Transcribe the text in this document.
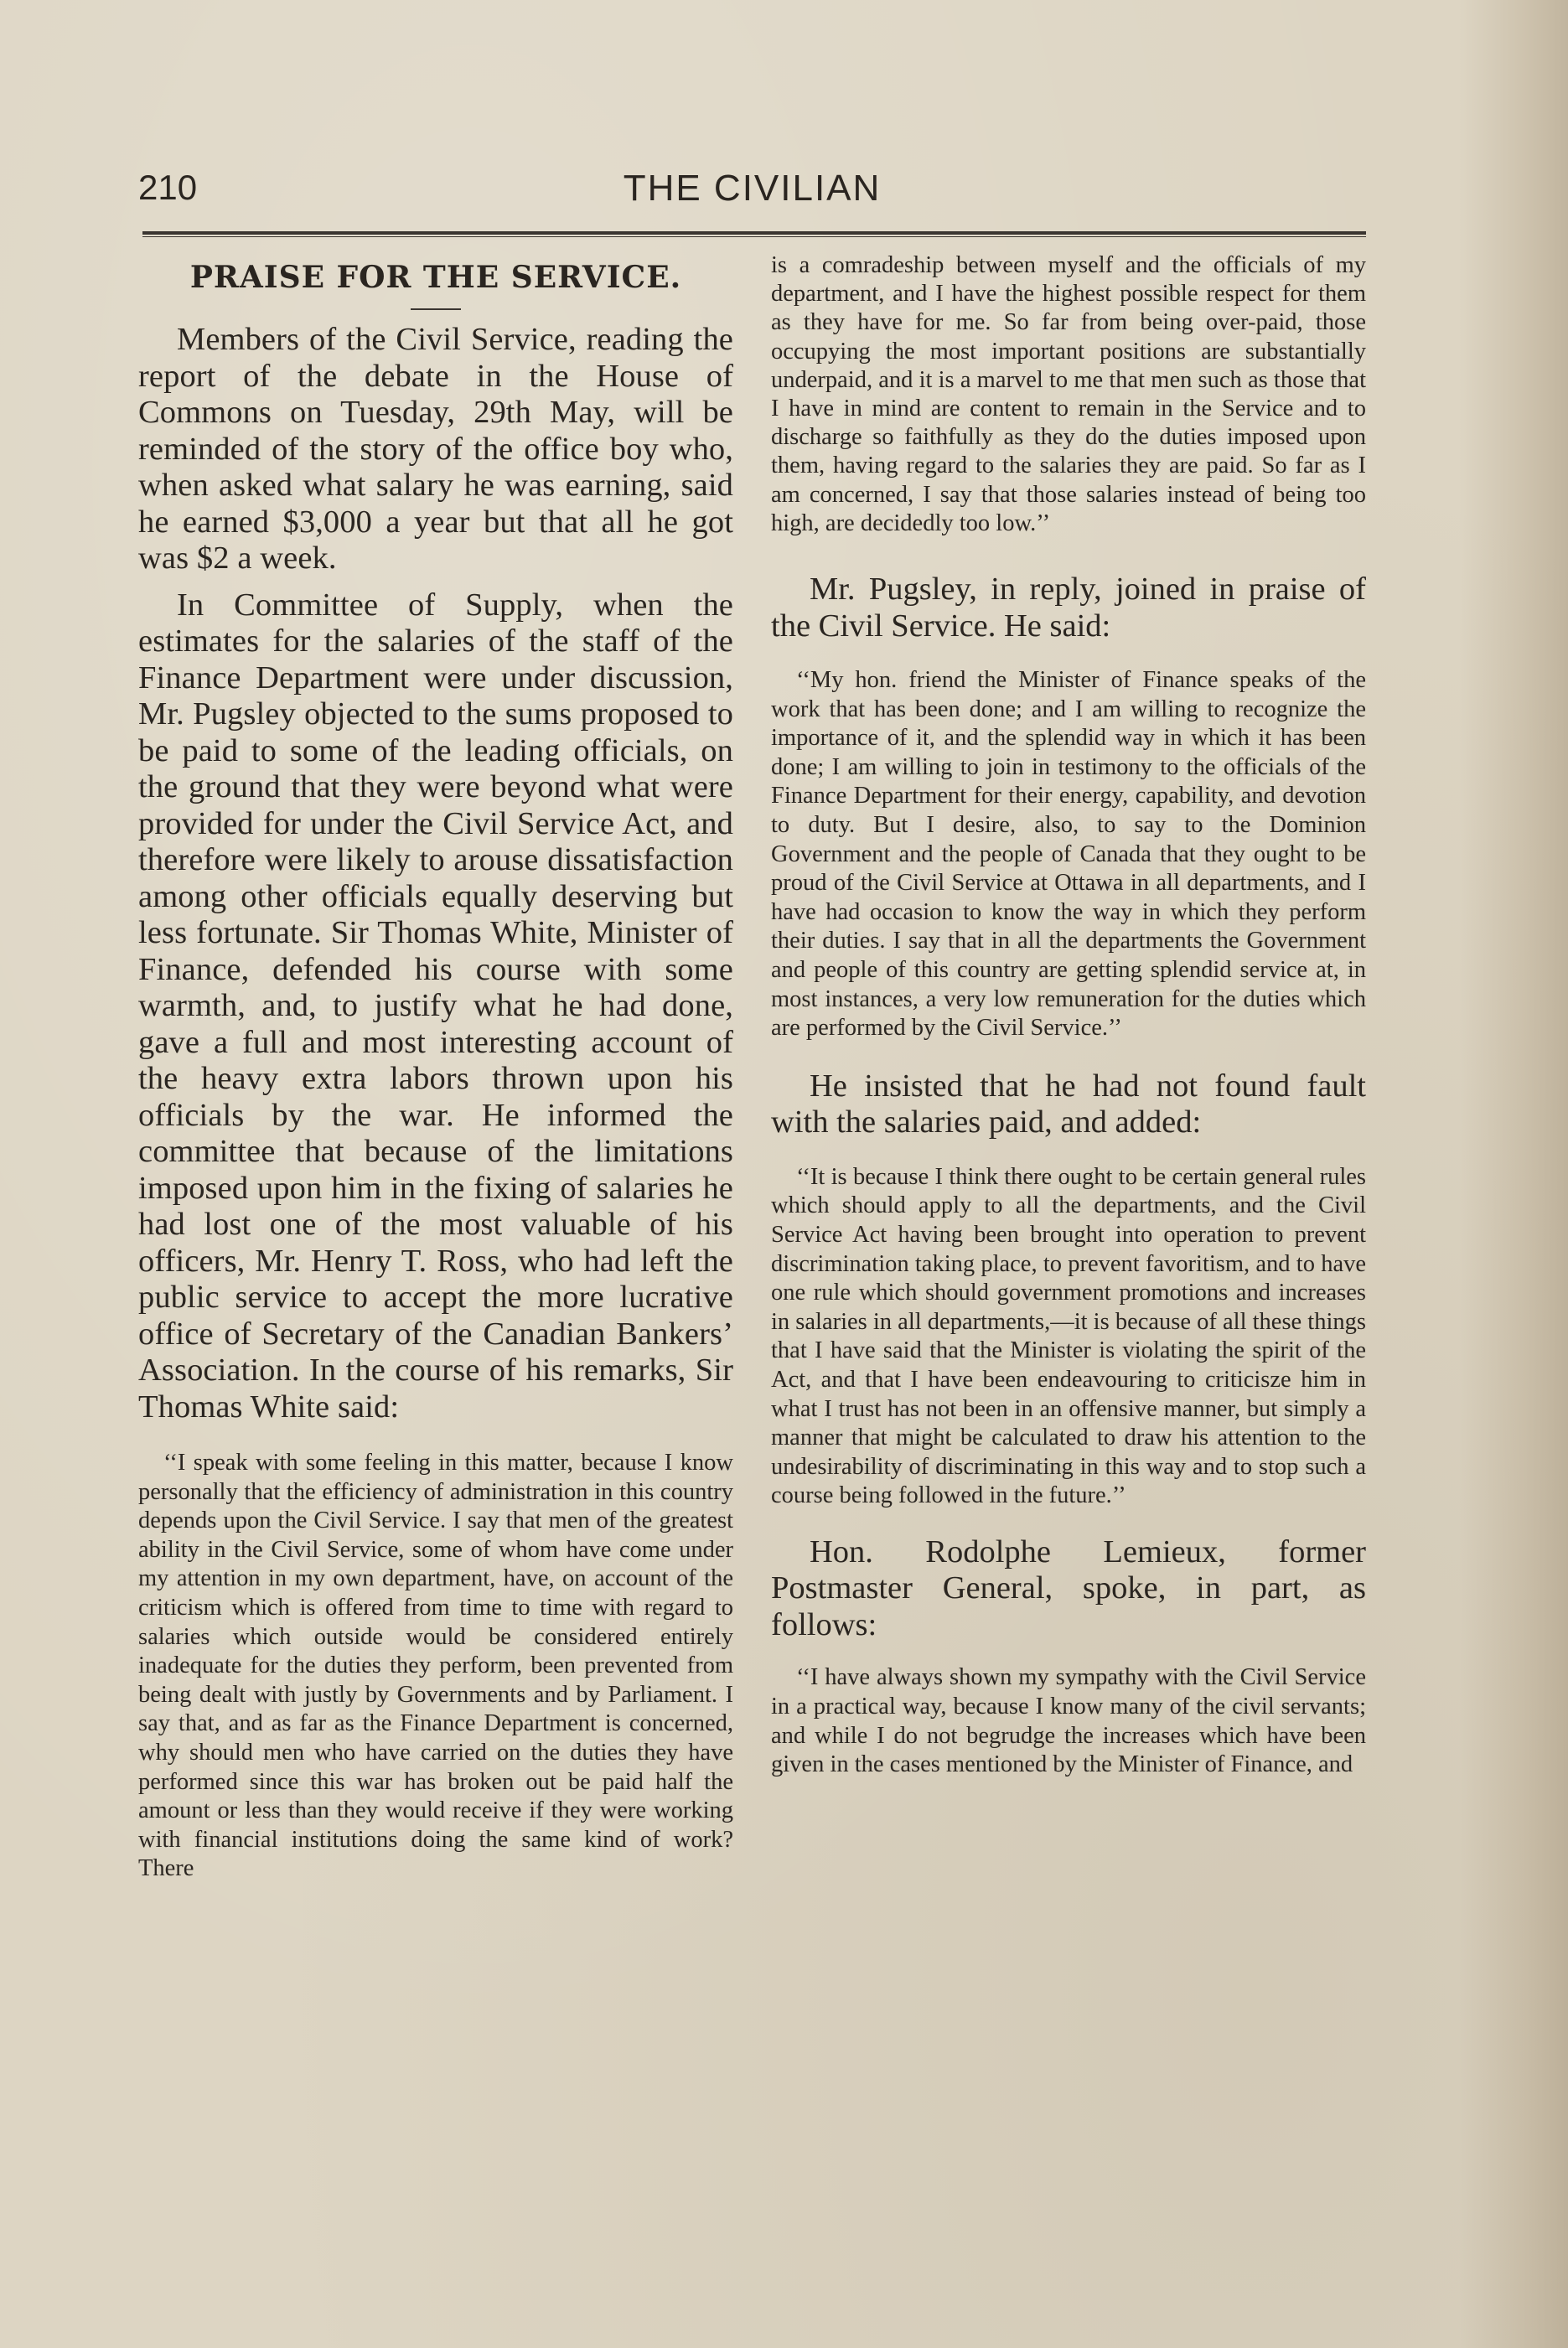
210	THE CIVILIAN
PRAISE FOR THE SERVICE.

Members of the Civil Service, reading the report of the debate in the House of Commons on Tuesday, 29th May, will be reminded of the story of the office boy who, when asked what salary he was earning, said he earned $3,000 a year but that all he got was $2 a week.

In Committee of Supply, when the estimates for the salaries of the staff of the Finance Department were under discussion, Mr. Pugsley objected to the sums proposed to be paid to some of the leading officials, on the ground that they were beyond what were provided for under the Civil Service Act, and therefore were likely to arouse dissatisfaction among other officials equally deserving but less fortunate. Sir Thomas White, Minister of Finance, defended his course with some warmth, and, to justify what he had done, gave a full and most interesting account of the heavy extra labors thrown upon his officials by the war. He informed the committee that because of the limitations imposed upon him in the fixing of salaries he had lost one of the most valuable of his officers, Mr. Henry T. Ross, who had left the public service to accept the more lucrative office of Secretary of the Canadian Bankers’ Association. In the course of his remarks, Sir Thomas White said:

‘‘I speak with some feeling in this matter, because I know personally that the efficiency of administration in this country depends upon the Civil Service. I say that men of the greatest ability in the Civil Service, some of whom have come under my attention in my own department, have, on account of the criticism which is offered from time to time with regard to salaries which outside would be considered entirely inadequate for the duties they perform, been prevented from being dealt with justly by Governments and by Parliament. I say that, and as far as the Finance Department is concerned, why should men who have carried on the duties they have performed since this war has broken out be paid half the amount or less than they would receive if they were working with financial institutions doing the same kind of work? There

is a comradeship between myself and the officials of my department, and I have the highest possible respect for them as they have for me. So far from being over-paid, those occupying the most important positions are substantially underpaid, and it is a marvel to me that men such as those that I have in mind are content to remain in the Service and to discharge so faithfully as they do the duties imposed upon them, having regard to the salaries they are paid. So far as I am concerned, I say that those salaries instead of being too high, are decidedly too low.’’

Mr. Pugsley, in reply, joined in praise of the Civil Service. He said:

‘‘My hon. friend the Minister of Finance speaks of the work that has been done; and I am willing to recognize the importance of it, and the splendid way in which it has been done; I am willing to join in testimony to the officials of the Finance Department for their energy, capability, and devotion to duty. But I desire, also, to say to the Dominion Government and the people of Canada that they ought to be proud of the Civil Service at Ottawa in all departments, and I have had occasion to know the way in which they perform their duties. I say that in all the departments the Government and people of this country are getting splendid service at, in most instances, a very low remuneration for the duties which are performed by the Civil Service.’’

He insisted that he had not found fault with the salaries paid, and added:

‘‘It is because I think there ought to be certain general rules which should apply to all the departments, and the Civil Service Act having been brought into operation to prevent discrimination taking place, to prevent favoritism, and to have one rule which should government promotions and increases in salaries in all departments,—it is because of all these things that I have said that the Minister is violating the spirit of the Act, and that I have been endeavouring to criticisze him in what I trust has not been in an offensive manner, but simply a manner that might be calculated to draw his attention to the undesirability of discriminating in this way and to stop such a course being followed in the future.’’

Hon. Rodolphe Lemieux, former Postmaster General, spoke, in part, as follows:

‘‘I have always shown my sympathy with the Civil Service in a practical way, because I know many of the civil servants; and while I do not begrudge the increases which have been given in the cases mentioned by the Minister of Finance, and
